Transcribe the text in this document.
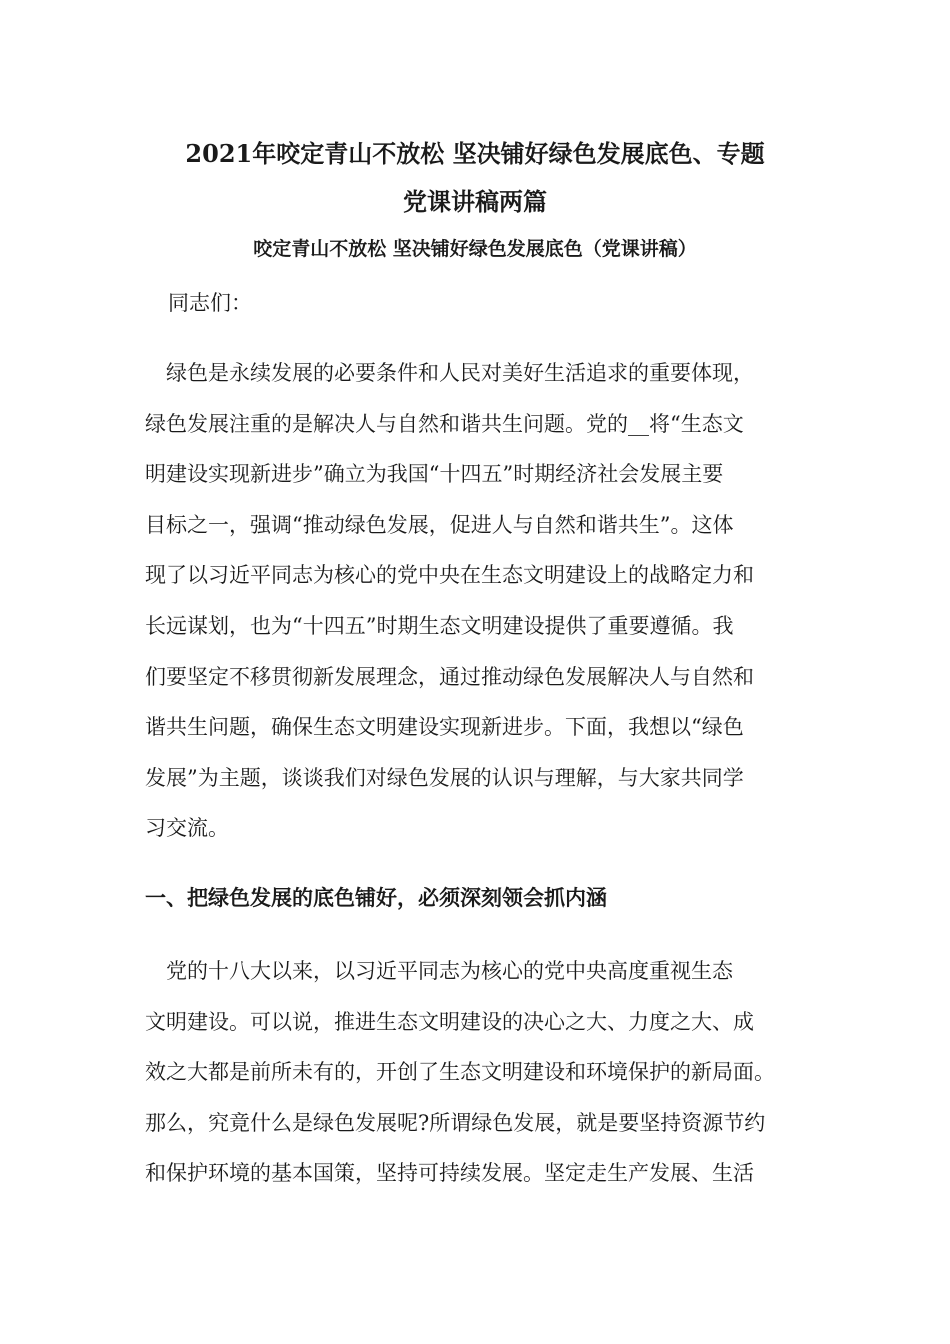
2021年咬定青山不放松 坚决铺好绿色发展底色、专题
党课讲稿两篇
咬定青山不放松 坚决铺好绿色发展底色（党课讲稿）
同志们：
　绿色是永续发展的必要条件和人民对美好生活追求的重要体现，
绿色发展注重的是解决人与自然和谐共生问题。党的__将“生态文
明建设实现新进步”确立为我国“十四五”时期经济社会发展主要
目标之一，强调“推动绿色发展，促进人与自然和谐共生”。这体
现了以习近平同志为核心的党中央在生态文明建设上的战略定力和
长远谋划，也为“十四五”时期生态文明建设提供了重要遵循。我
们要坚定不移贯彻新发展理念，通过推动绿色发展解决人与自然和
谐共生问题，确保生态文明建设实现新进步。下面，我想以“绿色
发展”为主题，谈谈我们对绿色发展的认识与理解，与大家共同学
习交流。
一、把绿色发展的底色铺好，必须深刻领会抓内涵
　党的十八大以来，以习近平同志为核心的党中央高度重视生态
文明建设。可以说，推进生态文明建设的决心之大、力度之大、成
效之大都是前所未有的，开创了生态文明建设和环境保护的新局面。
那么，究竟什么是绿色发展呢?所谓绿色发展，就是要坚持资源节约
和保护环境的基本国策，坚持可持续发展。坚定走生产发展、生活
